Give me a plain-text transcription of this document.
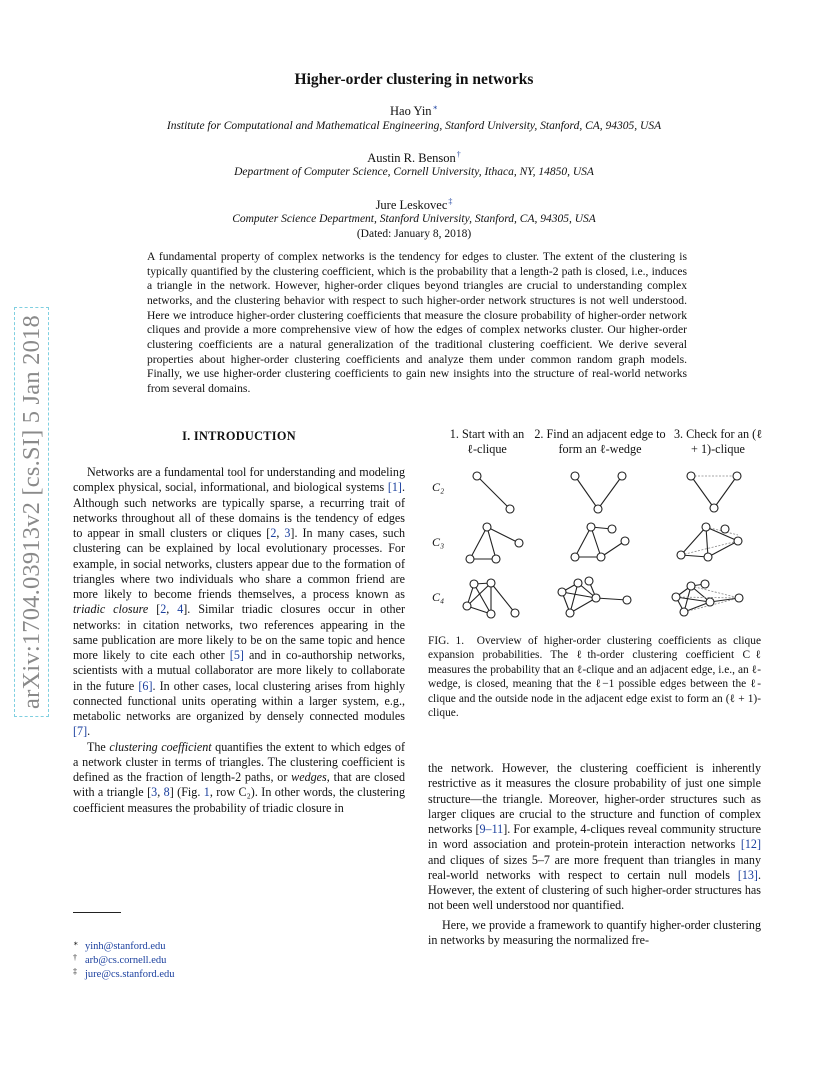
arXiv:1704.03913v2 [cs.SI] 5 Jan 2018
Higher-order clustering in networks
Hao Yin∗
Institute for Computational and Mathematical Engineering, Stanford University, Stanford, CA, 94305, USA
Austin R. Benson†
Department of Computer Science, Cornell University, Ithaca, NY, 14850, USA
Jure Leskovec‡
Computer Science Department, Stanford University, Stanford, CA, 94305, USA
(Dated: January 8, 2018)
A fundamental property of complex networks is the tendency for edges to cluster. The extent of the clustering is typically quantified by the clustering coefficient, which is the probability that a length-2 path is closed, i.e., induces a triangle in the network. However, higher-order cliques beyond triangles are crucial to understanding complex networks, and the clustering behavior with respect to such higher-order network structures is not well understood. Here we introduce higher-order clustering coefficients that measure the closure probability of higher-order network cliques and provide a more comprehensive view of how the edges of complex networks cluster. Our higher-order clustering coefficients are a natural generalization of the traditional clustering coefficient. We derive several properties about higher-order clustering coefficients and analyze them under common random graph models. Finally, we use higher-order clustering coefficients to gain new insights into the structure of real-world networks from several domains.
I. INTRODUCTION

Networks are a fundamental tool for understanding and modeling complex physical, social, informational, and biological systems [1]. Although such networks are typically sparse, a recurring trait of networks throughout all of these domains is the tendency of edges to appear in small clusters or cliques [2, 3]. In many cases, such clustering can be explained by local evolutionary processes. For example, in social networks, clusters appear due to the formation of triangles where two individuals who share a common friend are more likely to become friends themselves, a process known as triadic closure [2, 4]. Similar triadic closures occur in other networks: in citation networks, two references appearing in the same publication are more likely to be on the same topic and hence more likely to cite each other [5] and in co-authorship networks, scientists with a mutual collaborator are more likely to collaborate in the future [6]. In other cases, local clustering arises from highly connected functional units operating within a larger system, e.g., metabolic networks are organized by densely connected modules [7].

The clustering coefficient quantifies the extent to which edges of a network cluster in terms of triangles. The clustering coefficient is defined as the fraction of length-2 paths, or wedges, that are closed with a triangle [3, 8] (Fig. 1, row C₂). In other words, the clustering coefficient measures the probability of triadic closure in

∗ yinh@stanford.edu
† arb@cs.cornell.edu
‡ jure@cs.stanford.edu
1. Start with an ℓ-clique
2. Find an adjacent edge to form an ℓ-wedge
3. Check for an (ℓ + 1)-clique
C₂
C₃
C₄
FIG. 1. Overview of higher-order clustering coefficients as clique expansion probabilities. The ℓth-order clustering coefficient Cℓ measures the probability that an ℓ-clique and an adjacent edge, i.e., an ℓ-wedge, is closed, meaning that the ℓ−1 possible edges between the ℓ-clique and the outside node in the adjacent edge exist to form an (ℓ + 1)-clique.

the network. However, the clustering coefficient is inherently restrictive as it measures the closure probability of just one simple structure—the triangle. Moreover, higher-order structures such as larger cliques are crucial to the structure and function of complex networks [9–11]. For example, 4-cliques reveal community structure in word association and protein-protein interaction networks [12] and cliques of sizes 5–7 are more frequent than triangles in many real-world networks with respect to certain null models [13]. However, the extent of clustering of such higher-order structures has not been well understood nor quantified.

Here, we provide a framework to quantify higher-order clustering in networks by measuring the normalized fre-
